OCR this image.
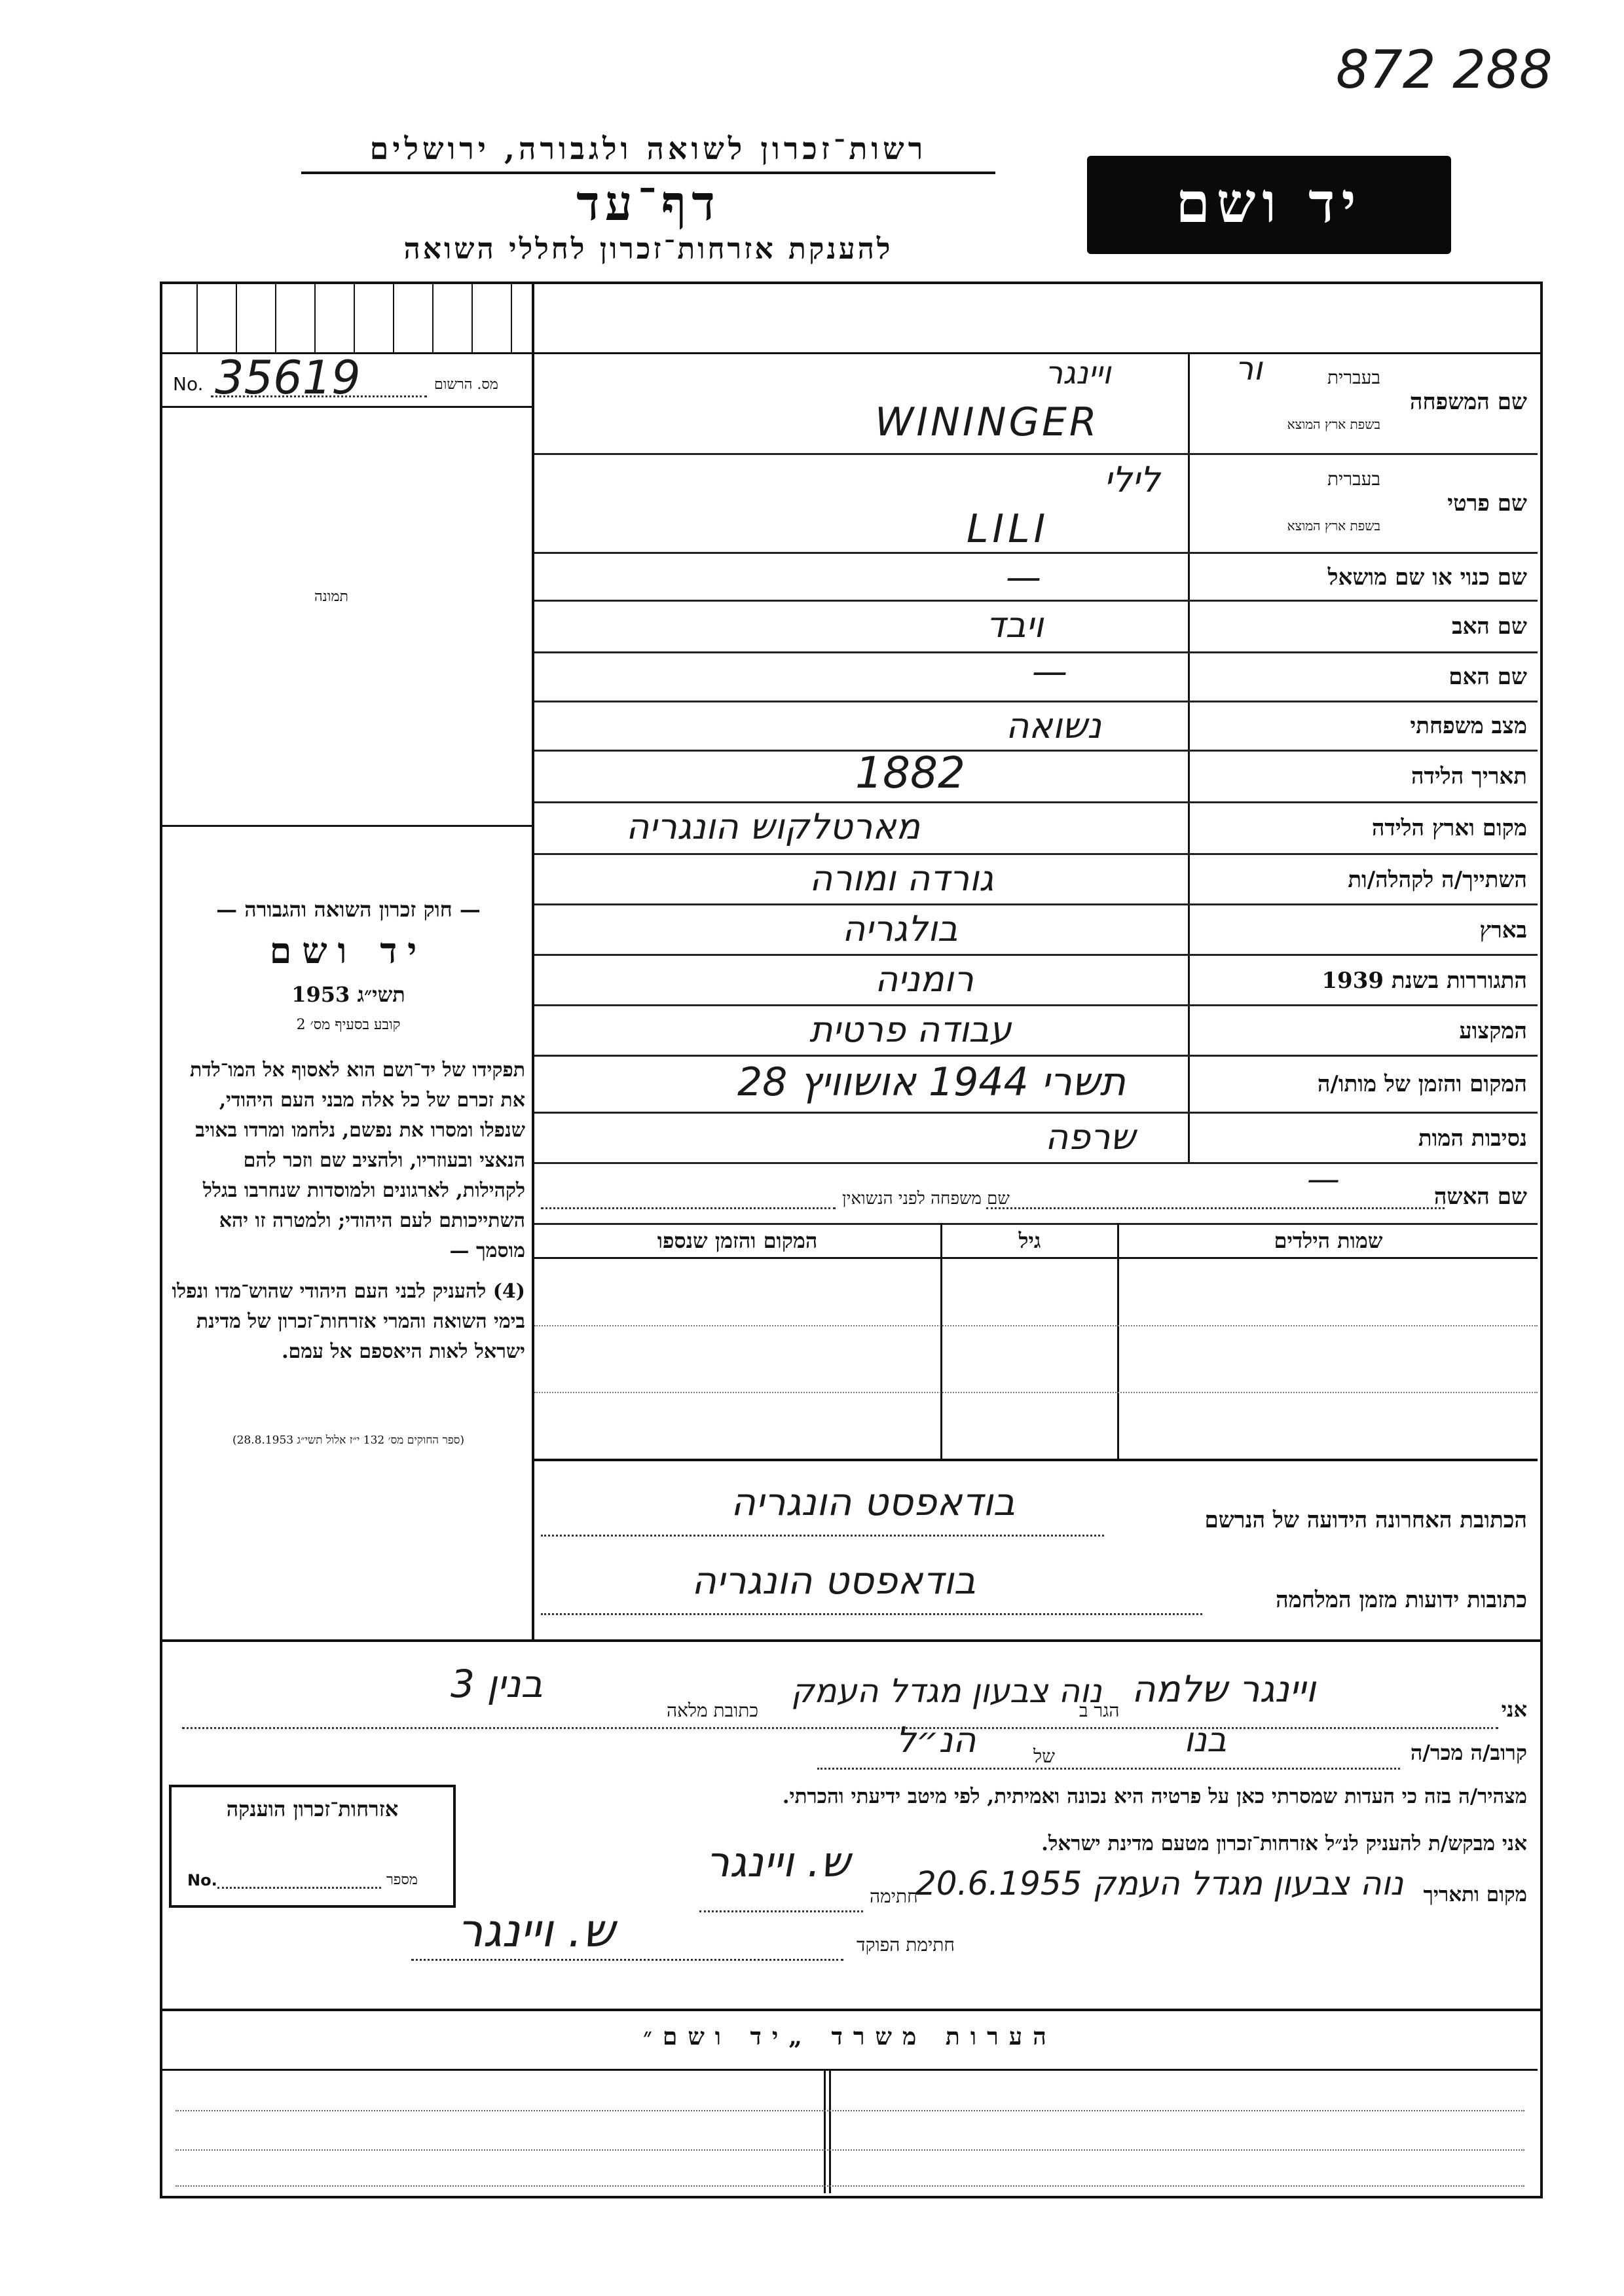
872 288
רשות־זכרון לשואה ולגבורה, ירושלים
דף־עד
להענקת אזרחות־זכרון לחללי השואה
יד ושם
No. 35619	מס. הרשום
תמונה
— חוק זכרון השואה והגבורה —
יד ושם
תשי״ג 1953
קובע בסעיף מס׳ 2
תפקידו של יד־ושם הוא לאסוף אל המו־לדת את זכרם של כל אלה מבני העם היהודי, שנפלו ומסרו את נפשם, נלחמו ומרדו באויב הנאצי ובעוזריו, ולהציב שם וזכר להם לקהילות, לארגונים ולמוסדות שנחרבו בגלל השתייכותם לעם היהודי; ולמטרה זו יהא מוסמך —
(4) להעניק לבני העם היהודי שהוש־מדו ונפלו בימי השואה והמרי אזרחות־זכרון של מדינת ישראל לאות היאספם אל עמם.
(ספר החוקים מס׳ 132 י״ז אלול תשי״ג 28.8.1953)
שם המשפחה
בעברית
בשפת ארץ המוצא
ור
ויינגר
WININGER
שם פרטי
בעברית
בשפת ארץ המוצא
לילי
LILI
שם כנוי או שם מושאל
—
שם האב
ויבד
שם האם
—
מצב משפחתי
נשואה
תאריך הלידה
1882
מקום וארץ הלידה
מארטלקוש הונגריה
השתייך/ה לקהלה/ות
גורדה ומורה
בארץ
בולגריה
התגוררות בשנת 1939
רומניה
המקצוע
עבודה פרטית
המקום והזמן של מותו/ה
28 תשרי 1944 אושוויץ
נסיבות המות
שרפה
שם האשה
—
שם משפחה לפני הנשואין
שמות הילדים
גיל
המקום והזמן שנספו
הכתובת האחרונה הידועה של הנרשם
בודאפסט הונגריה
כתובות ידועות מזמן המלחמה
בודאפסט הונגריה
אני
ויינגר שלמה
הגר ב
נוה צבעון מגדל העמק
כתובת מלאה
בנין 3
קרוב/ה מכר/ה
בנו
של
הנ״ל
מצהיר/ה בזה כי העדות שמסרתי כאן על פרטיה היא נכונה ואמיתית, לפי מיטב ידיעתי והכרתי.
אני מבקש/ת להעניק לנ״ל אזרחות־זכרון מטעם מדינת ישראל.
מקום ותאריך
נוה צבעון מגדל העמק 20.6.1955
חתימה
ש. ויינגר
חתימת הפוקד
ש. ויינגר
אזרחות־זכרון הוענקה
No.	מספר
הערות משרד „יד ושם״
